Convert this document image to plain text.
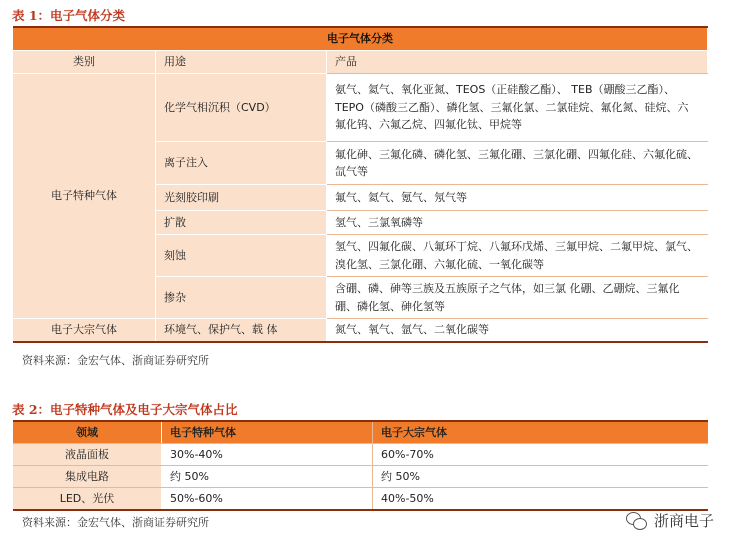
表 1：电子气体分类
电子气体分类		
类别	用途	产品
电子特种气体	化学气相沉积（CVD）	氨气、氦气、氧化亚氮、TEOS（正硅酸乙酯）、 TEB（硼酸三乙酯）、TEPO（磷酸三乙酯）、磷化氢、三氟化氯、二氯硅烷、氟化氮、硅烷、六 氟化钨、六氟乙烷、四氟化钛、甲烷等
	离子注入	氟化砷、三氟化磷、磷化氢、三氟化硼、三氯化硼、四氟化硅、六氟化硫、氙气等
	光刻胶印刷	氟气、氦气、氪气、氖气等
	扩散	氢气、三氯氧磷等
	刻蚀	氢气、四氟化碳、八氟环丁烷、八氟环戊烯、三氟甲烷、二氟甲烷、氯气、溴化氢、三氯化硼、六氟化硫、一氧化碳等
	掺杂	含硼、磷、砷等三族及五族原子之气体，如三氯 化硼、乙硼烷、三氟化硼、磷化氢、砷化氢等
电子大宗气体	环境气、保护气、载 体	氮气、氧气、氩气、二氧化碳等
资料来源：金宏气体、浙商证券研究所
表 2：电子特种气体及电子大宗气体占比
领域	电子特种气体	电子大宗气体
液晶面板	30%-40%	60%-70%
集成电路	约 50%	约 50%
LED、光伏	50%-60%	40%-50%
资料来源：金宏气体、浙商证券研究所	浙商电子
